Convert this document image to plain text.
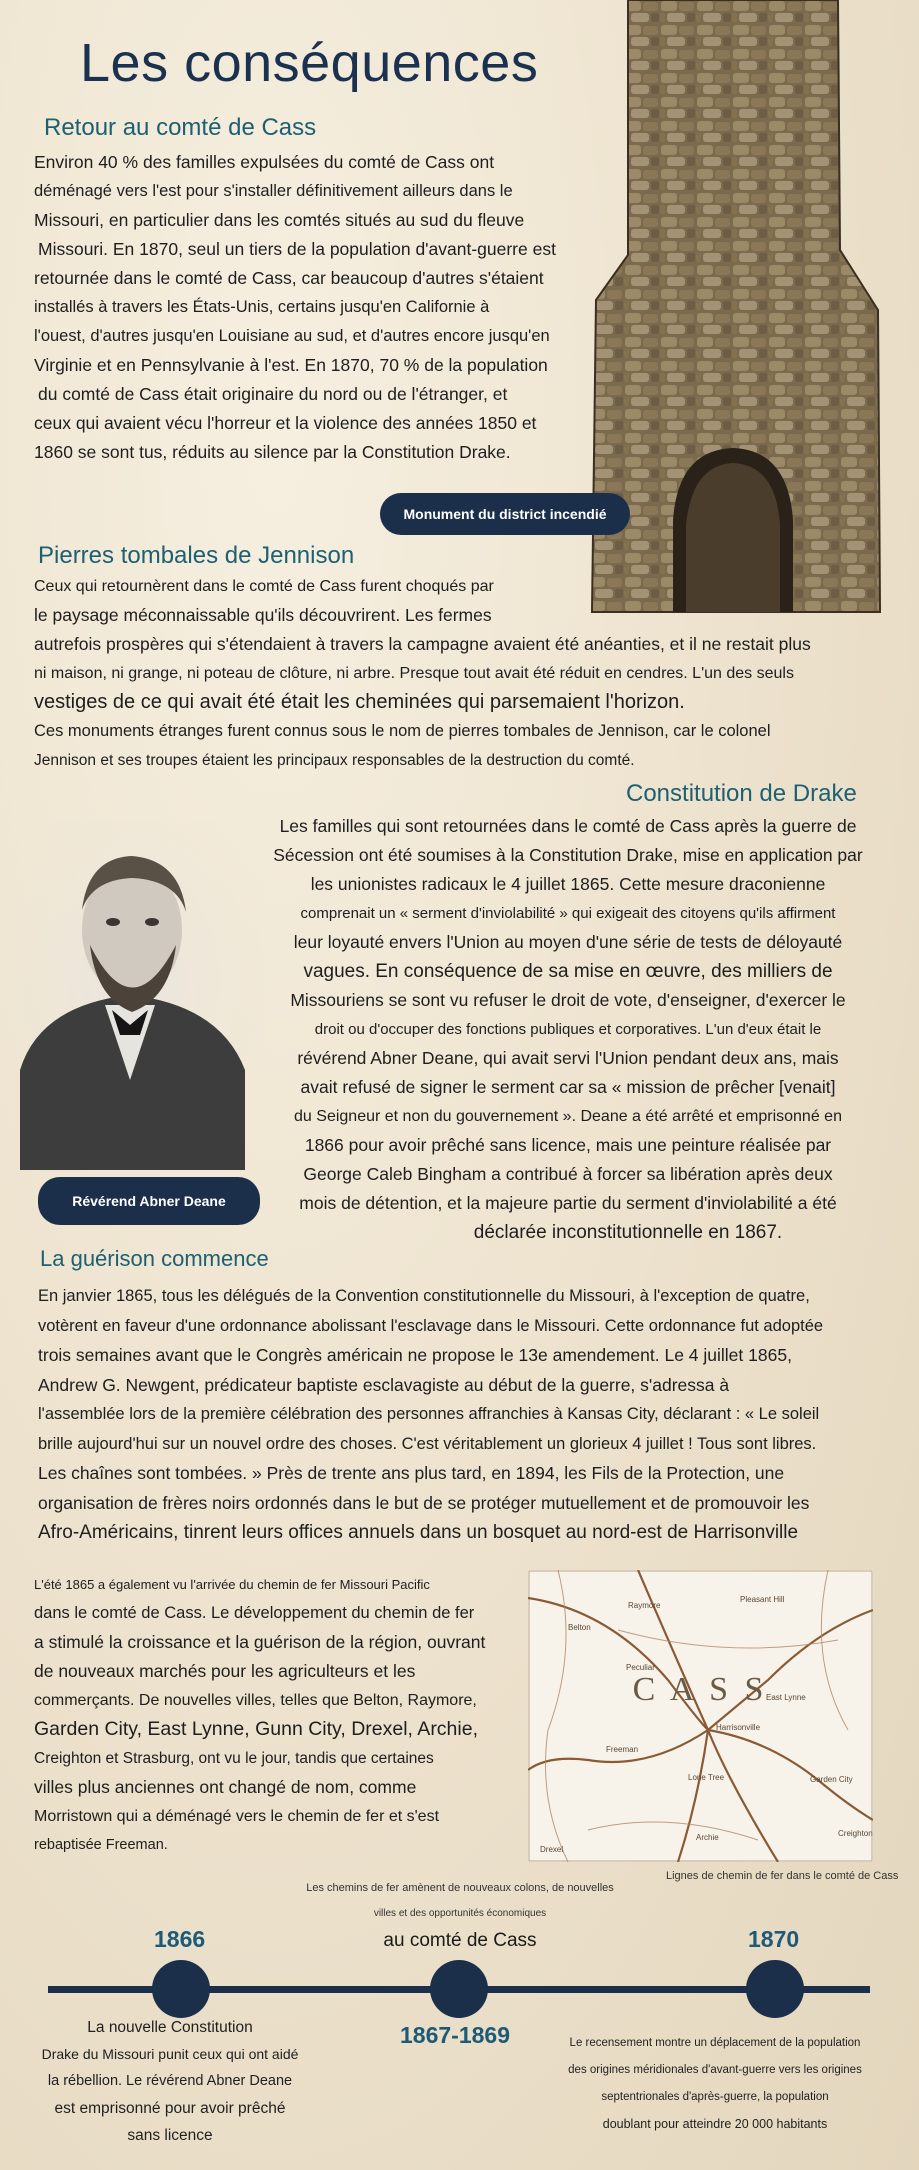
Les conséquences
Retour au comté de Cass
Environ 40 % des familles expulsées du comté de Cass ont
déménagé vers l'est pour s'installer définitivement ailleurs dans le
Missouri, en particulier dans les comtés situés au sud du fleuve
Missouri. En 1870, seul un tiers de la population d'avant-guerre est
retournée dans le comté de Cass, car beaucoup d'autres s'étaient
installés à travers les États-Unis, certains jusqu'en Californie à
l'ouest, d'autres jusqu'en Louisiane au sud, et d'autres encore jusqu'en
Virginie et en Pennsylvanie à l'est. En 1870, 70 % de la population
du comté de Cass était originaire du nord ou de l'étranger, et
ceux qui avaient vécu l'horreur et la violence des années 1850 et
1860 se sont tus, réduits au silence par la Constitution Drake.
Monument du district incendié
Pierres tombales de Jennison
Ceux qui retournèrent dans le comté de Cass furent choqués par
le paysage méconnaissable qu'ils découvrirent. Les fermes
autrefois prospères qui s'étendaient à travers la campagne avaient été anéanties, et il ne restait plus
ni maison, ni grange, ni poteau de clôture, ni arbre. Presque tout avait été réduit en cendres. L'un des seuls
vestiges de ce qui avait été était les cheminées qui parsemaient l'horizon.
Ces monuments étranges furent connus sous le nom de pierres tombales de Jennison, car le colonel
Jennison et ses troupes étaient les principaux responsables de la destruction du comté.
Constitution de Drake
Les familles qui sont retournées dans le comté de Cass après la guerre de
Sécession ont été soumises à la Constitution Drake, mise en application par
les unionistes radicaux le 4 juillet 1865. Cette mesure draconienne
comprenait un « serment d'inviolabilité » qui exigeait des citoyens qu'ils affirment
leur loyauté envers l'Union au moyen d'une série de tests de déloyauté
vagues. En conséquence de sa mise en œuvre, des milliers de
Missouriens se sont vu refuser le droit de vote, d'enseigner, d'exercer le
droit ou d'occuper des fonctions publiques et corporatives. L'un d'eux était le
révérend Abner Deane, qui avait servi l'Union pendant deux ans, mais
avait refusé de signer le serment car sa « mission de prêcher [venait]
du Seigneur et non du gouvernement ». Deane a été arrêté et emprisonné en
1866 pour avoir prêché sans licence, mais une peinture réalisée par
George Caleb Bingham a contribué à forcer sa libération après deux
mois de détention, et la majeure partie du serment d'inviolabilité a été
déclarée inconstitutionnelle en 1867.
Révérend Abner Deane
La guérison commence
En janvier 1865, tous les délégués de la Convention constitutionnelle du Missouri, à l'exception de quatre,
votèrent en faveur d'une ordonnance abolissant l'esclavage dans le Missouri. Cette ordonnance fut adoptée
trois semaines avant que le Congrès américain ne propose le 13e amendement. Le 4 juillet 1865,
Andrew G. Newgent, prédicateur baptiste esclavagiste au début de la guerre, s'adressa à
l'assemblée lors de la première célébration des personnes affranchies à Kansas City, déclarant : « Le soleil
brille aujourd'hui sur un nouvel ordre des choses. C'est véritablement un glorieux 4 juillet ! Tous sont libres.
Les chaînes sont tombées. » Près de trente ans plus tard, en 1894, les Fils de la Protection, une
organisation de frères noirs ordonnés dans le but de se protéger mutuellement et de promouvoir les
Afro-Américains, tinrent leurs offices annuels dans un bosquet au nord-est de Harrisonville
L'été 1865 a également vu l'arrivée du chemin de fer Missouri Pacific
dans le comté de Cass. Le développement du chemin de fer
a stimulé la croissance et la guérison de la région, ouvrant
de nouveaux marchés pour les agriculteurs et les
commerçants. De nouvelles villes, telles que Belton, Raymore,
Garden City, East Lynne, Gunn City, Drexel, Archie,
Creighton et Strasburg, ont vu le jour, tandis que certaines
villes plus anciennes ont changé de nom, comme
Morristown qui a déménagé vers le chemin de fer et s'est
rebaptisée Freeman.
C A S S
Raymore
Pleasant Hill
Belton
Peculiar
Harrisonville
East Lynne
Freeman
Garden City
Drexel
Archie	Creighton
Lone Tree
Lignes de chemin de fer dans le comté de Cass
Les chemins de fer amènent de nouveaux colons, de nouvelles
villes et des opportunités économiques
au comté de Cass
1866	1870
La nouvelle Constitution
Drake du Missouri punit ceux qui ont aidé
la rébellion. Le révérend Abner Deane
est emprisonné pour avoir prêché
sans licence
1867-1869	Le recensement montre un déplacement de la population
des origines méridionales d'avant-guerre vers les origines
septentrionales d'après-guerre, la population
doublant pour atteindre 20 000 habitants
